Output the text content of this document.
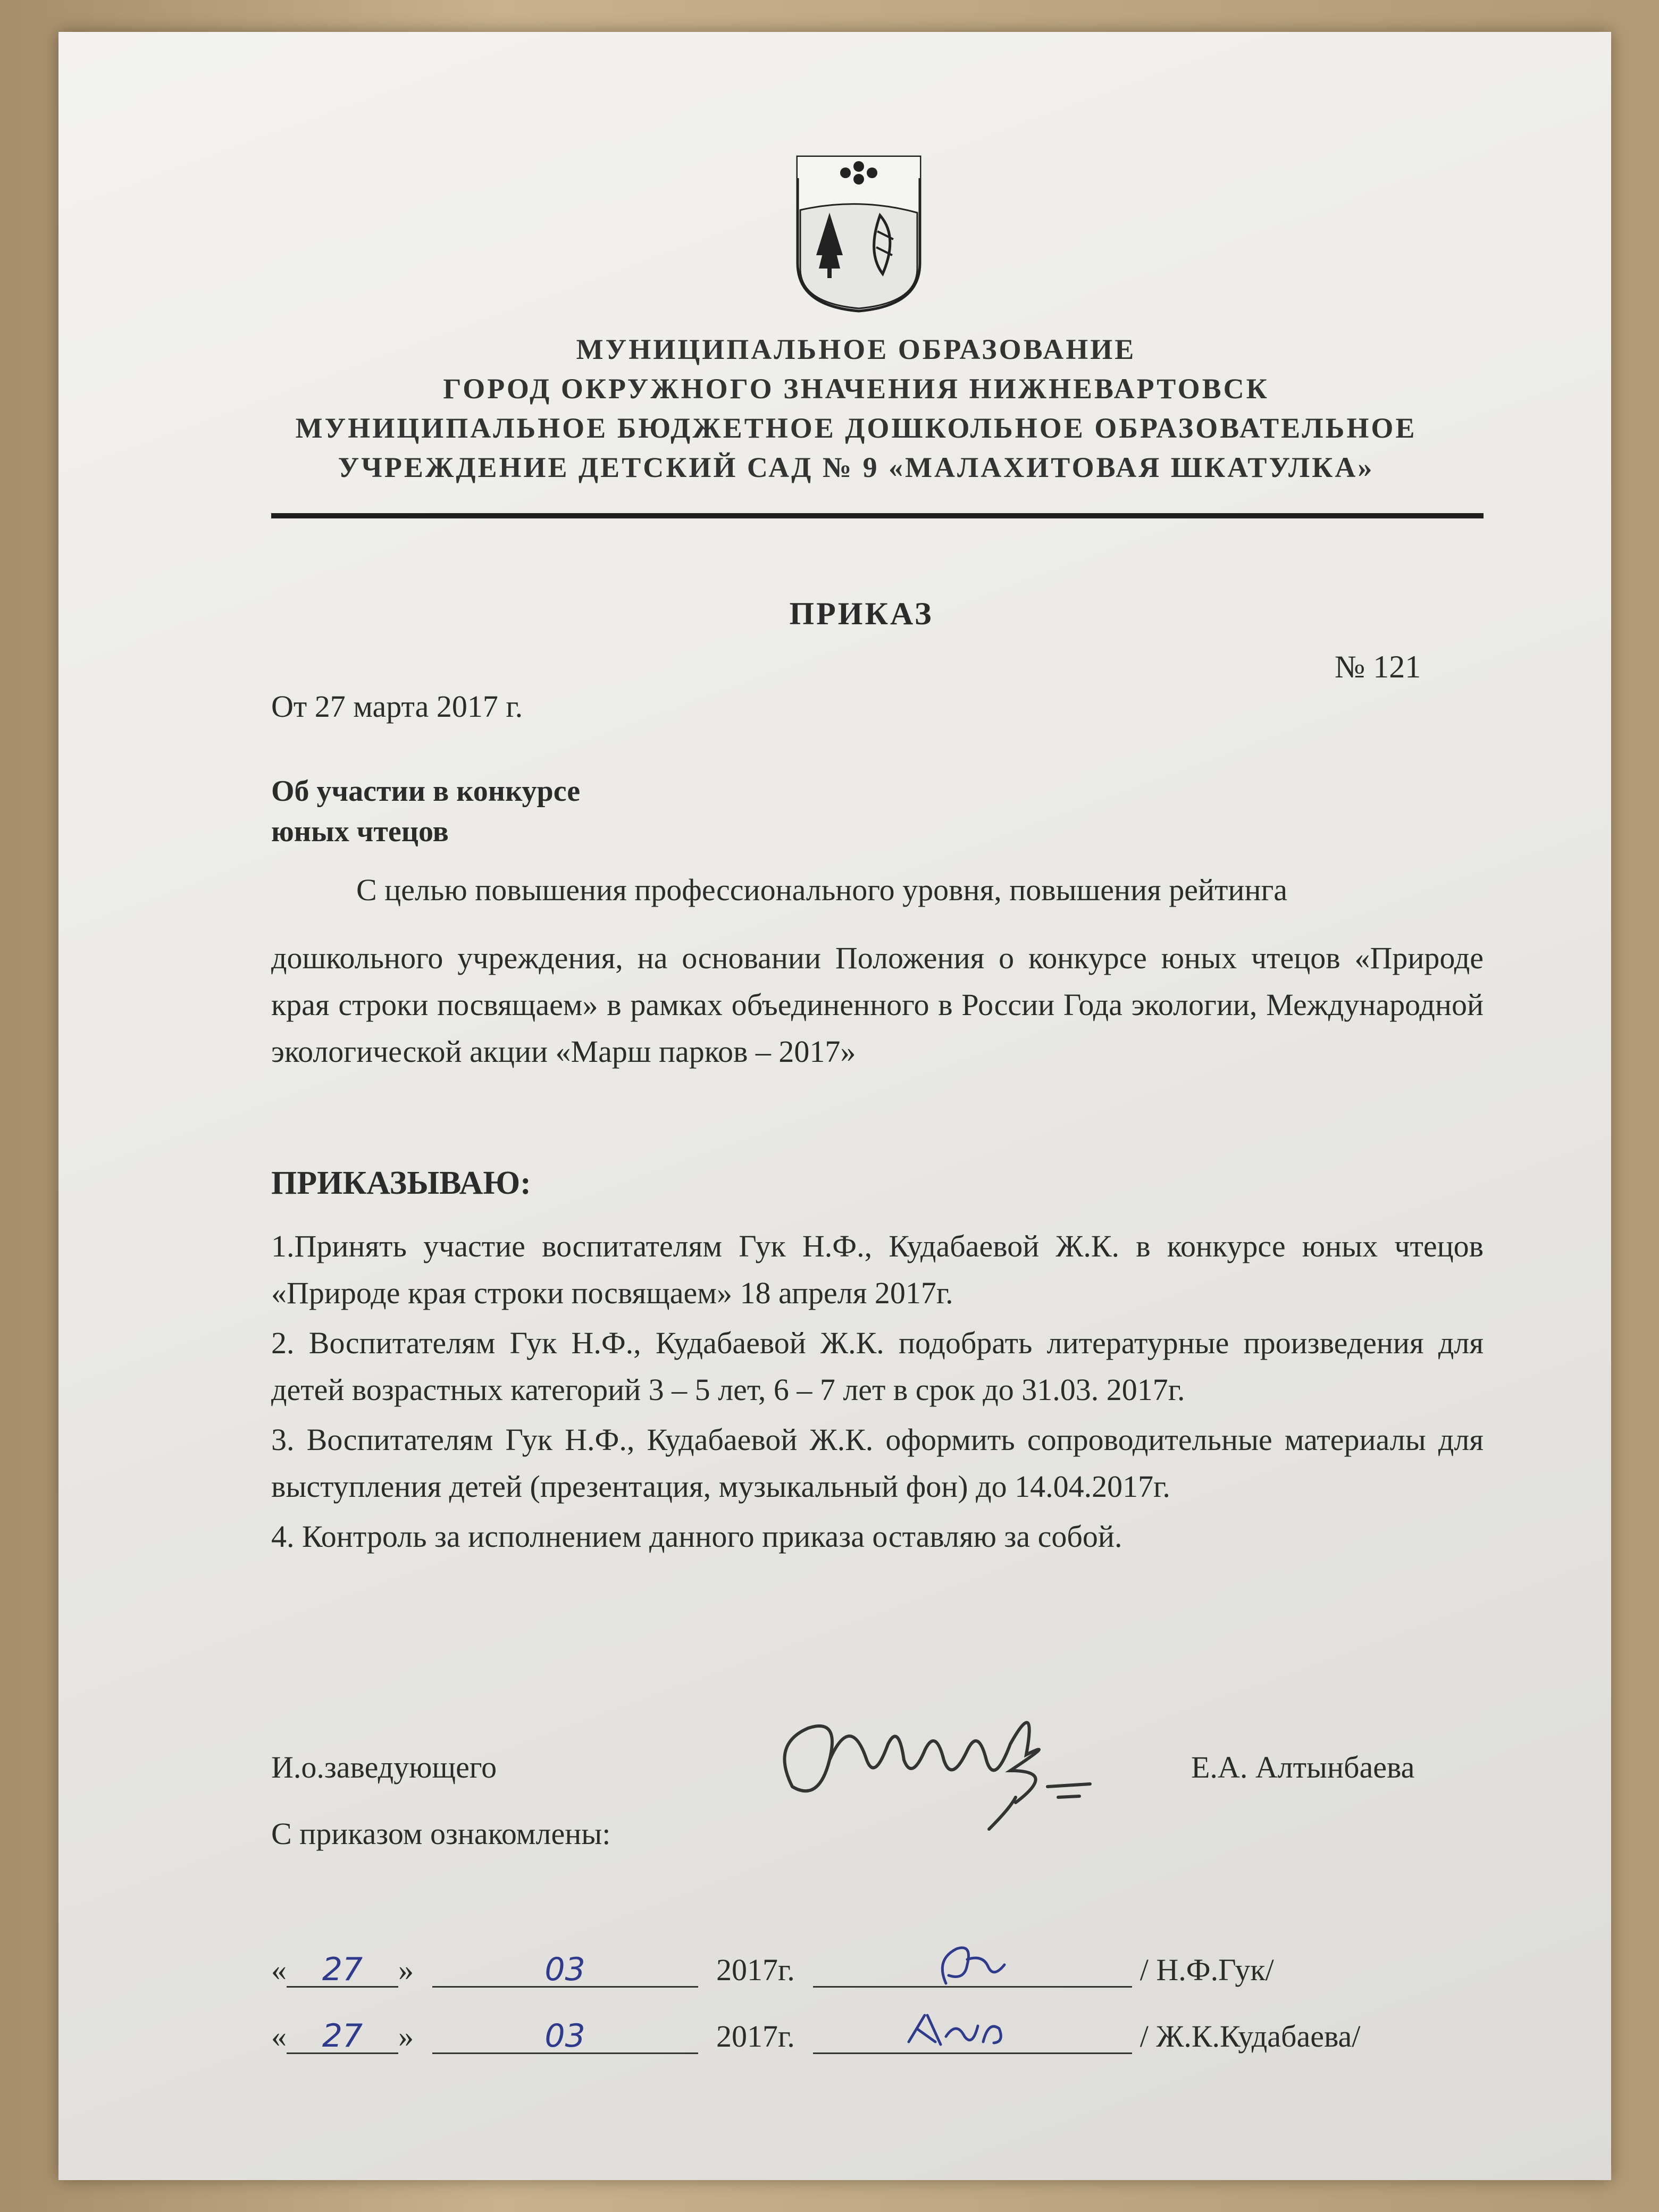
МУНИЦИПАЛЬНОЕ ОБРАЗОВАНИЕ
ГОРОД ОКРУЖНОГО ЗНАЧЕНИЯ НИЖНЕВАРТОВСК
МУНИЦИПАЛЬНОЕ БЮДЖЕТНОЕ ДОШКОЛЬНОЕ ОБРАЗОВАТЕЛЬНОЕ
УЧРЕЖДЕНИЕ ДЕТСКИЙ САД № 9 «МАЛАХИТОВАЯ ШКАТУЛКА»
ПРИКАЗ
№ 121
От 27 марта 2017 г.
Об участии в конкурсе
юных чтецов
С целью повышения профессионального уровня, повышения рейтинга
дошкольного учреждения, на основании Положения о конкурсе юных чтецов «Природе края строки посвящаем» в рамках объединенного в России Года экологии, Международной экологической акции «Марш парков – 2017»
ПРИКАЗЫВАЮ:

1.Принять участие воспитателям Гук Н.Ф., Кудабаевой Ж.К. в конкурсе юных чтецов «Природе края строки посвящаем» 18 апреля 2017г.

2. Воспитателям Гук Н.Ф., Кудабаевой Ж.К. подобрать литературные произведения для детей возрастных категорий 3 – 5 лет, 6 – 7 лет в срок до 31.03. 2017г.

3. Воспитателям Гук Н.Ф., Кудабаевой Ж.К. оформить сопроводительные материалы для выступления детей (презентация, музыкальный фон) до 14.04.2017г.

4. Контроль за исполнением данного приказа оставляю за собой.

И.о.заведующего	Е.А. Алтынбаева
С приказом ознакомлены:
« 27 »	03	2017г.	/ Н.Ф.Гук/
« 27 »	03	2017г.	/ Ж.К.Кудабаева/
